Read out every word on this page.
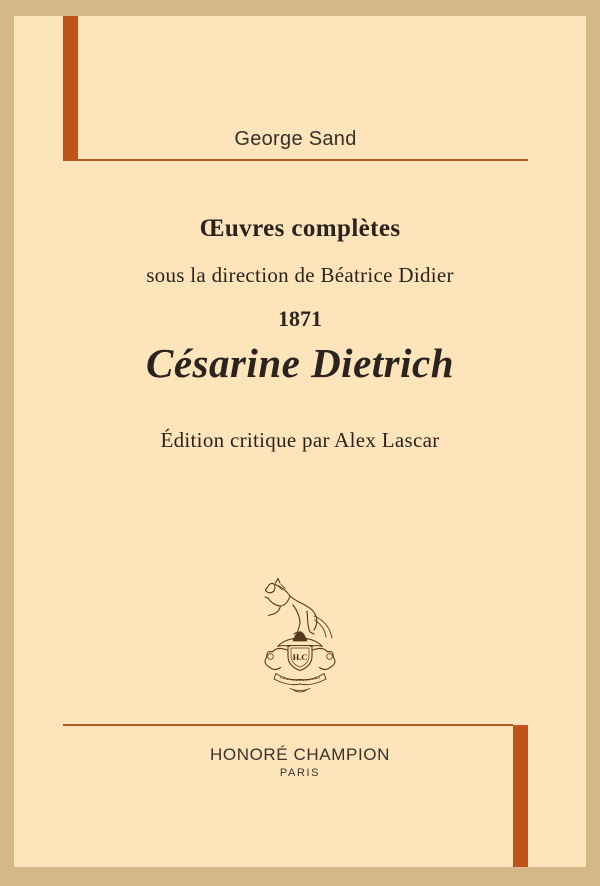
George Sand
Œuvres complètes
sous la direction de Béatrice Didier
1871
Césarine Dietrich
Édition critique par Alex Lascar
H.C
HONORÉ CHAMPION
PARIS
